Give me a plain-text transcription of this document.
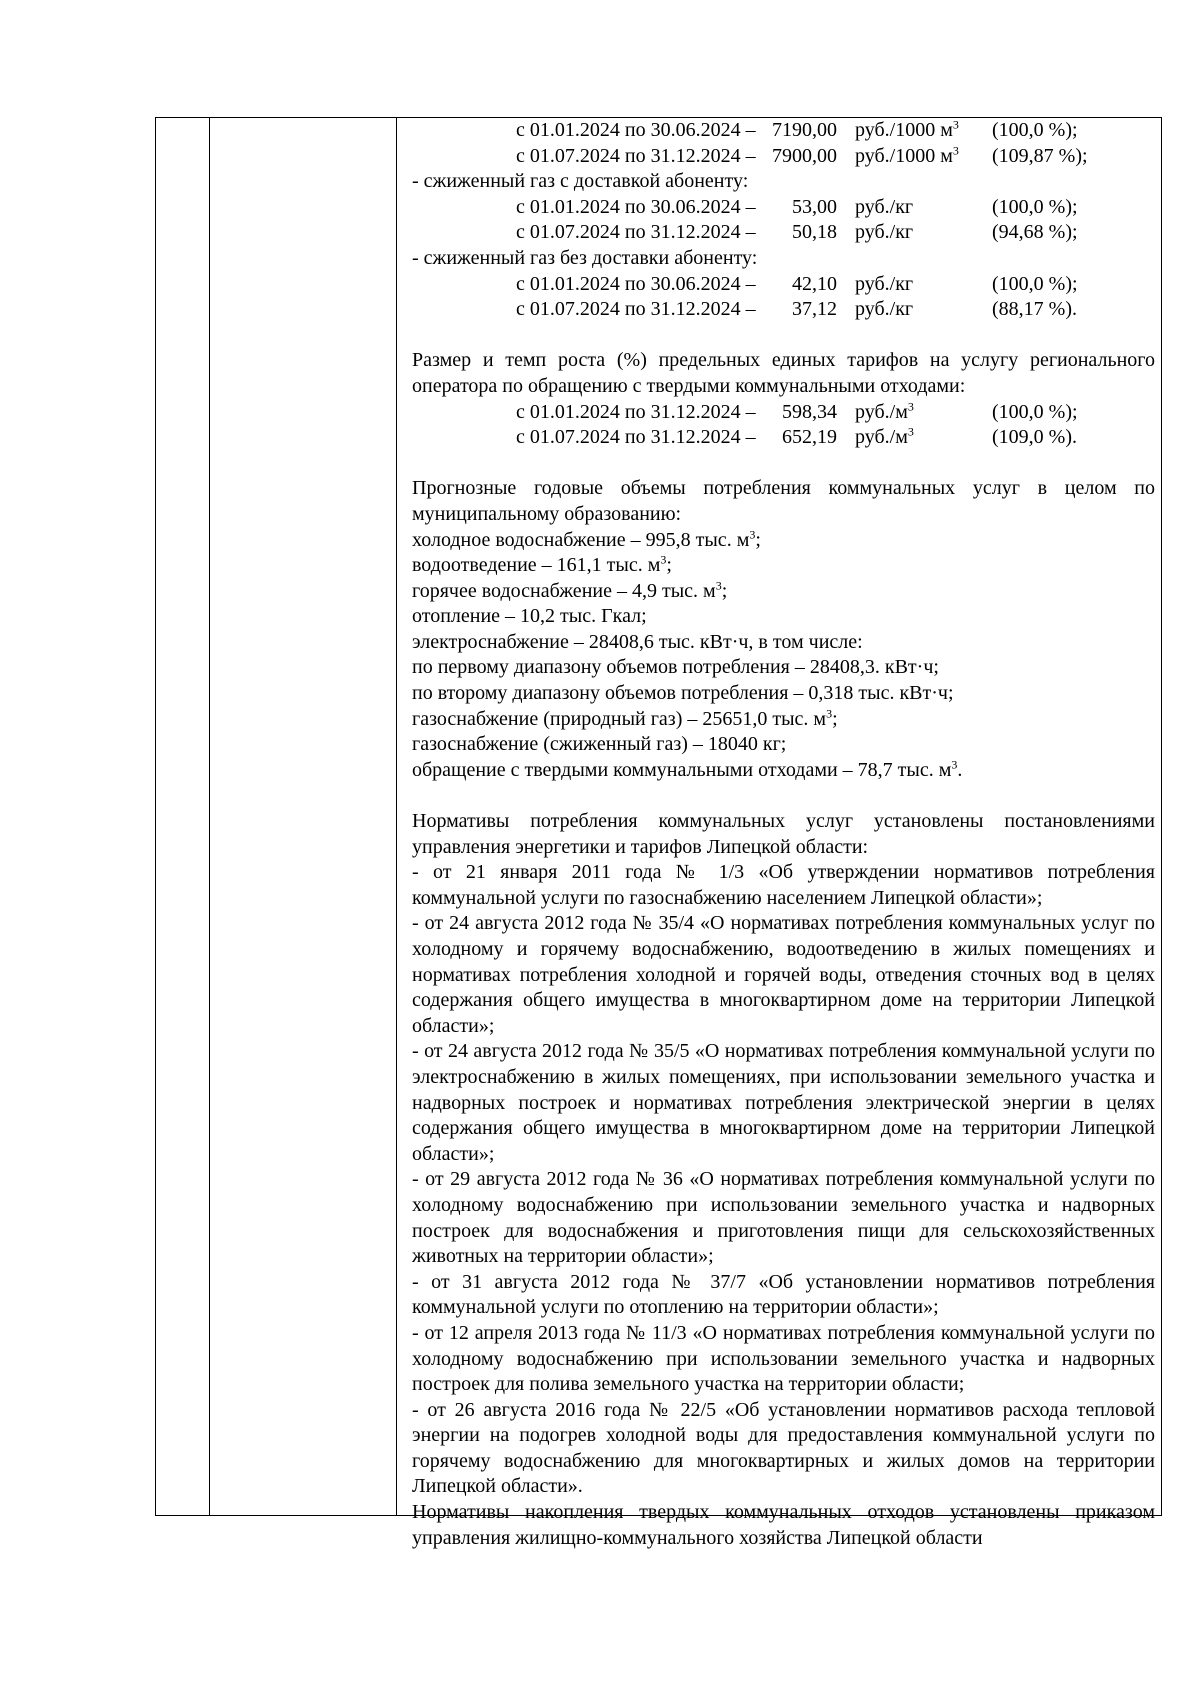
с 01.01.2024 по 30.06.2024 – 7190,00 руб./1000 $м^3$ (100,0 %);
с 01.07.2024 по 31.12.2024 – 7900,00 руб./1000 $м^3$ (109,87 %);

- сжиженный газ с доставкой абоненту:

с 01.01.2024 по 30.06.2024 –	53,00 руб./кг	(100,0 %);
с 01.07.2024 по 31.12.2024 –	50,18 руб./кг	(94,68 %);

- сжиженный газ без доставки абоненту:

с 01.01.2024 по 30.06.2024 –	42,10 руб./кг	(100,0 %);
с 01.07.2024 по 31.12.2024 –	37,12 руб./кг	(88,17 %).

Размер и темп роста (%) предельных единых тарифов на услугу регионального оператора по обращению с твердыми коммунальными отходами:

с 01.01.2024 по 31.12.2024 –	598,34 $руб./м^3$	(100,0 %);
с 01.07.2024 по 31.12.2024 –	652,19 $руб./м^3$	(109,0 %).

Прогнозные годовые объемы потребления коммунальных услуг в целом по муниципальному образованию:

холодное водоснабжение – 995,8 тыс. $м^3$;

водоотведение – 161,1 тыс. $м^3$;

горячее водоснабжение – 4,9 тыс. $м^3$;

отопление – 10,2 тыс. Гкал;

электроснабжение – 28408,6 тыс. кВт·ч, в том числе:

по первому диапазону объемов потребления – 28408,3. кВт·ч;

по второму диапазону объемов потребления – 0,318 тыс. кВт·ч;

газоснабжение (природный газ) – 25651,0 тыс. $м^3$;

газоснабжение (сжиженный газ) – 18040 кг;

обращение с твердыми коммунальными отходами – 78,7 тыс. $м^3$.

Нормативы потребления коммунальных услуг установлены постановлениями управления энергетики и тарифов Липецкой области:

- от 21 января 2011 года № 1/3 «Об утверждении нормативов потребления коммунальной услуги по газоснабжению населением Липецкой области»;

- от 24 августа 2012 года № 35/4 «О нормативах потребления коммунальных услуг по холодному и горячему водоснабжению, водоотведению в жилых помещениях и нормативах потребления холодной и горячей воды, отведения сточных вод в целях содержания общего имущества в многоквартирном доме на территории Липецкой области»;

- от 24 августа 2012 года № 35/5 «О нормативах потребления коммунальной услуги по электроснабжению в жилых помещениях, при использовании земельного участка и надворных построек и нормативах потребления электрической энергии в целях содержания общего имущества в многоквартирном доме на территории Липецкой области»;

- от 29 августа 2012 года № 36 «О нормативах потребления коммунальной услуги по холодному водоснабжению при использовании земельного участка и надворных построек для водоснабжения и приготовления пищи для сельскохозяйственных животных на территории области»;

- от 31 августа 2012 года № 37/7 «Об установлении нормативов потребления коммунальной услуги по отоплению на территории области»;

- от 12 апреля 2013 года № 11/3 «О нормативах потребления коммунальной услуги по холодному водоснабжению при использовании земельного участка и надворных построек для полива земельного участка на территории области;

- от 26 августа 2016 года № 22/5 «Об установлении нормативов расхода тепловой энергии на подогрев холодной воды для предоставления коммунальной услуги по горячему водоснабжению для многоквартирных и жилых домов на территории Липецкой области».

Нормативы накопления твердых коммунальных отходов установлены приказом управления жилищно-коммунального хозяйства Липецкой области
